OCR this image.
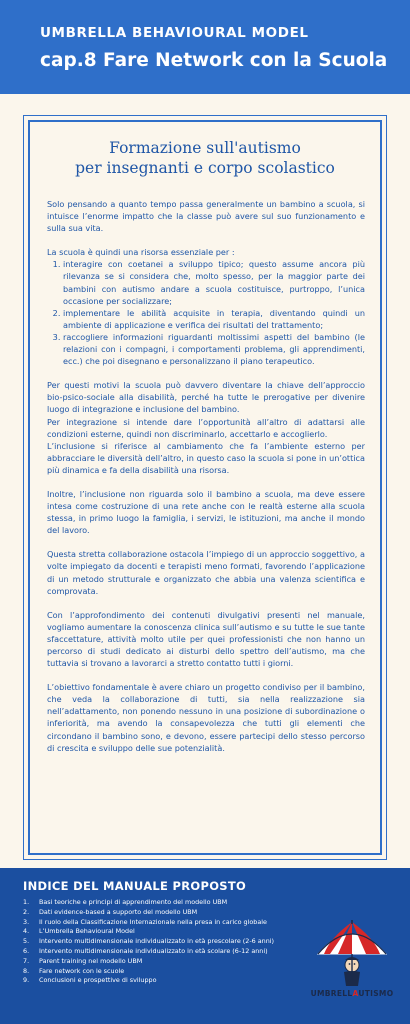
UMBRELLA BEHAVIOURAL MODEL
cap.8 Fare Network con la Scuola
Formazione sull'autismo
per insegnanti e corpo scolastico

Solo pensando a quanto tempo passa generalmente un bambino a scuola, si intuisce l’enorme impatto che la classe può avere sul suo funzionamento e sulla sua vita.

La scuola è quindi una risorsa essenziale per :

1. interagire con coetanei a sviluppo tipico; questo assume ancora più rilevanza se si considera che, molto spesso, per la maggior parte dei bambini con autismo andare a scuola costituisce, purtroppo, l’unica occasione per socializzare;
2. implementare le abilità acquisite in terapia, diventando quindi un ambiente di applicazione e verifica dei risultati del trattamento;
3. raccogliere informazioni riguardanti moltissimi aspetti del bambino (le relazioni con i compagni, i comportamenti problema, gli apprendimenti, ecc.) che poi disegnano e personalizzano il piano terapeutico.

Per questi motivi la scuola può davvero diventare la chiave dell’approccio bio-psico-sociale alla disabilità, perché ha tutte le prerogative per divenire luogo di integrazione e inclusione del bambino.

Per integrazione si intende dare l’opportunità all’altro di adattarsi alle condizioni esterne, quindi non discriminarlo, accettarlo e accoglierlo.

L’inclusione si riferisce al cambiamento che fa l’ambiente esterno per abbracciare le diversità dell’altro, in questo caso la scuola si pone in un’ottica più dinamica e fa della disabilità una risorsa.

Inoltre, l’inclusione non riguarda solo il bambino a scuola, ma deve essere intesa come costruzione di una rete anche con le realtà esterne alla scuola stessa, in primo luogo la famiglia, i servizi, le istituzioni, ma anche il mondo del lavoro.

Questa stretta collaborazione ostacola l’impiego di un approccio soggettivo, a volte impiegato da docenti e terapisti meno formati, favorendo l’applicazione di un metodo strutturale e organizzato che abbia una valenza scientifica e comprovata.

Con l’approfondimento dei contenuti divulgativi presenti nel manuale, vogliamo aumentare la conoscenza clinica sull’autismo e su tutte le sue tante sfaccettature, attività molto utile per quei professionisti che non hanno un percorso di studi dedicato ai disturbi dello spettro dell’autismo, ma che tuttavia si trovano a lavorarci a stretto contatto tutti i giorni.

L’obiettivo fondamentale è avere chiaro un progetto condiviso per il bambino, che veda la collaborazione di tutti, sia nella realizzazione sia nell’adattamento, non ponendo nessuno in una posizione di subordinazione o inferiorità, ma avendo la consapevolezza che tutti gli elementi che circondano il bambino sono, e devono, essere partecipi dello stesso percorso di crescita e sviluppo delle sue potenzialità.

INDICE DEL MANUALE PROPOSTO
1. Basi teoriche e principi di apprendimento del modello UBM
2. Dati evidence-based a supporto del modello UBM
3. Il ruolo della Classificazione Internazionale nella presa in carico globale
4. L’Umbrella Behavioural Model
5. Intervento multidimensionale individualizzato in età prescolare (2-6 anni)
6. Intervento multidimensionale individualizzato in età scolare (6-12 anni)
7. Parent training nel modello UBM
8. Fare network con le scuole
9. Conclusioni e prospettive di sviluppo
UMBRELLAUTISMO
